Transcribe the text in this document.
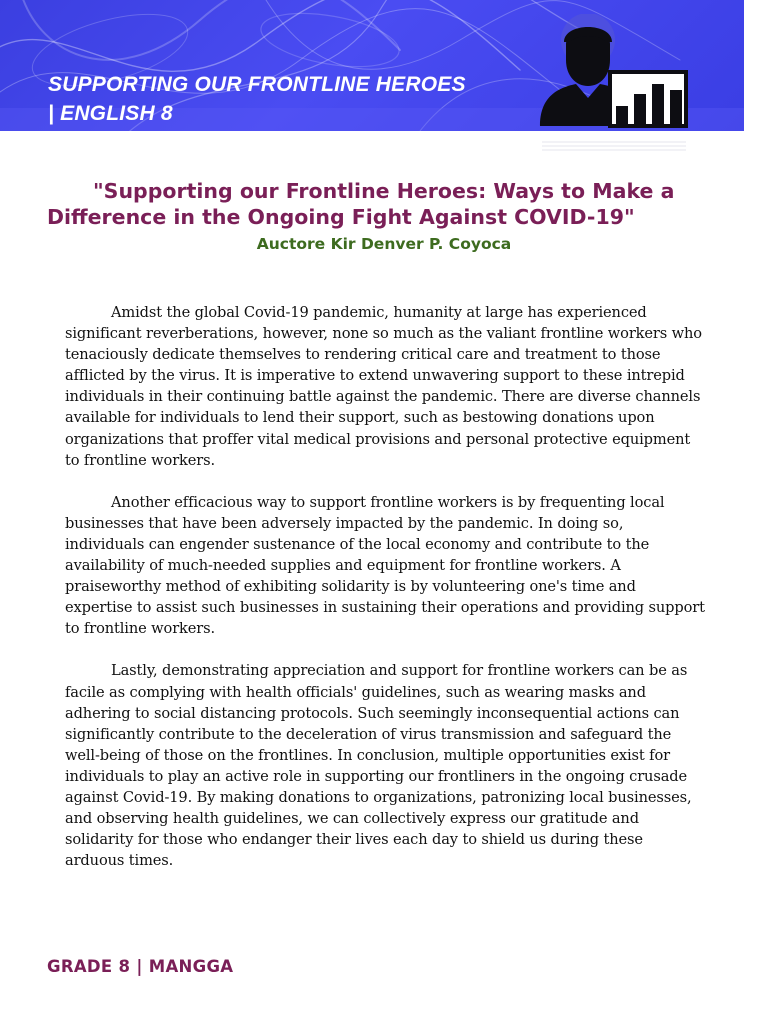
SUPPORTING OUR FRONTLINE HEROES
| ENGLISH 8
"Supporting our Frontline Heroes: Ways to Make a Difference in the Ongoing Fight Against COVID-19"

Auctore Kir Denver P. Coyoca

Amidst the global Covid-19 pandemic, humanity at large has experienced significant reverberations, however, none so much as the valiant frontline workers who tenaciously dedicate themselves to rendering critical care and treatment to those afflicted by the virus. It is imperative to extend unwavering support to these intrepid individuals in their continuing battle against the pandemic. There are diverse channels available for individuals to lend their support, such as bestowing donations upon organizations that proffer vital medical provisions and personal protective equipment to frontline workers.

Another efficacious way to support frontline workers is by frequenting local businesses that have been adversely impacted by the pandemic. In doing so, individuals can engender sustenance of the local economy and contribute to the availability of much-needed supplies and equipment for frontline workers. A praiseworthy method of exhibiting solidarity is by volunteering one's time and expertise to assist such businesses in sustaining their operations and providing support to frontline workers.

Lastly, demonstrating appreciation and support for frontline workers can be as facile as complying with health officials' guidelines, such as wearing masks and adhering to social distancing protocols. Such seemingly inconsequential actions can significantly contribute to the deceleration of virus transmission and safeguard the well-being of those on the frontlines. In conclusion, multiple opportunities exist for individuals to play an active role in supporting our frontliners in the ongoing crusade against Covid-19. By making donations to organizations, patronizing local businesses, and observing health guidelines, we can collectively express our gratitude and solidarity for those who endanger their lives each day to shield us during these arduous times.

GRADE 8 | MANGGA
